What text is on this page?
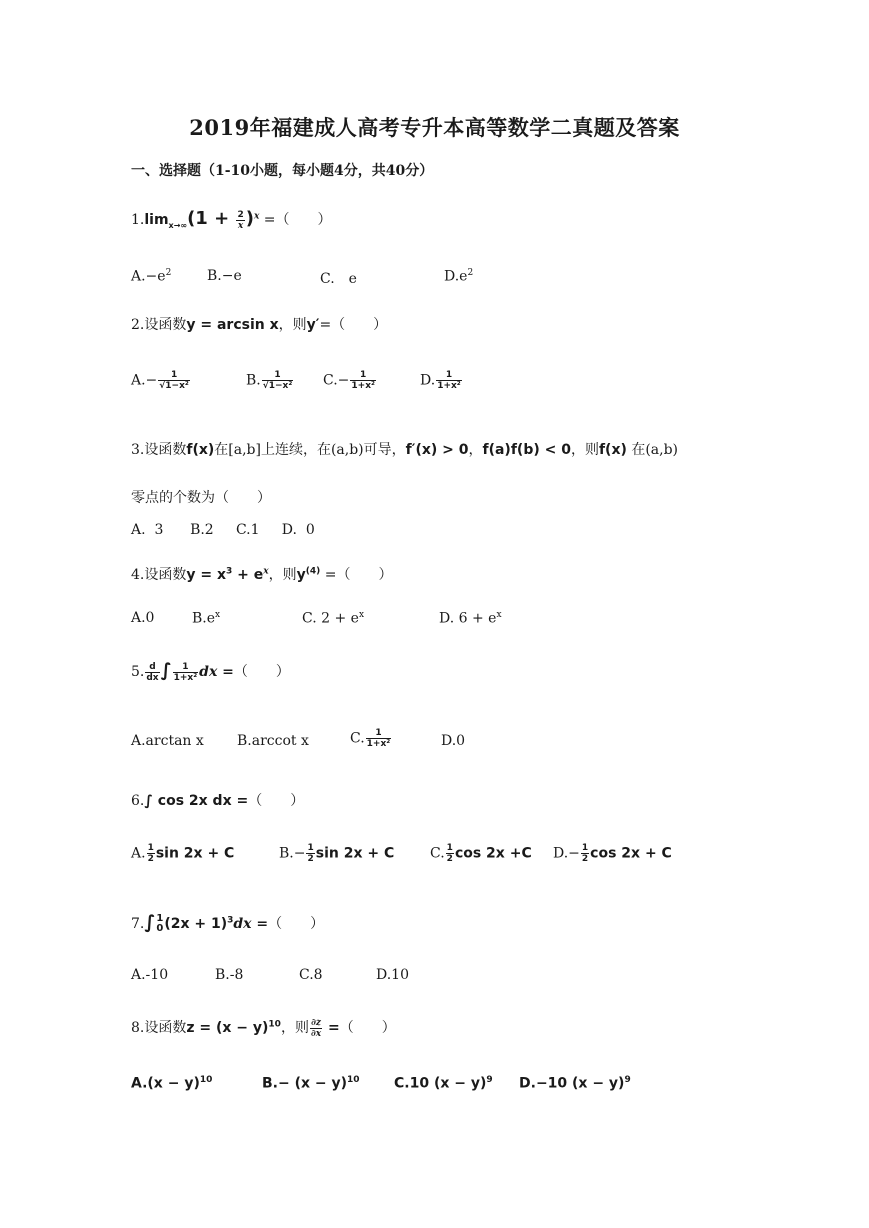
2019年福建成人高考专升本高等数学二真题及答案
一、选择题（1-10小题，每小题4分，共40分）
$1.\lim_{x\to\infty}(1 + \frac{2}{x} )^x$ =（　　）
$A.-e^2$	B.−e	C.　e	$D.e^2$
2.设函数y = arcsin x，则y′=（　　）
$A.- \frac{1}{\text{√1−x²}}$	B. $\frac{1}{\text{√1−x²}} C.- \frac{1}{\text{1+x²}}$	D. $\frac{1}{\text{1+x²}}$
3.设函数f(x)在[a,b]上连续，在(a,b)可导，f′(x) > 0，f(a)f(b) < 0，则f(x) 在(a,b)
零点的个数为（　　）
A.  3      B.2     C.1     D.  0
4.设函数$y = x^3 + e^x$，则$y^{(4)}$ =（　　）
A.0	$B.e^x$	C. $2 + e^x$	D. $6 + e^x$
5. $\frac{d}{dx}$ ∫ $\frac{1}{\text{1+x²}}$ dx =（　　）
A.arctan x B.arccot x	C. $\frac{1}{\text{1+x²}}$	D.0
6.∫ cos 2x dx =（　　）
A. $\frac{1}{2}$ sin 2x + C	$B.- \frac{1}{2}$ sin 2x + C	C. $\frac{1}{2}$ cos 2x +C $D.- \frac{1}{2}$ cos 2x + C
7.∫ 1
0 $(2x + 1)^3dx$ =（　　）
A.-10	B.-8	C.8	D.10
8.设函数$z = (x - y)^{10}$，则 $\frac{\partial z}{\partial x}$ =（　　）
$A.(x - y)^{10}$	$B.- (x - y)^{10}$ C.10 $(x - y)^9$ D.−10 $(x - y)^9$
